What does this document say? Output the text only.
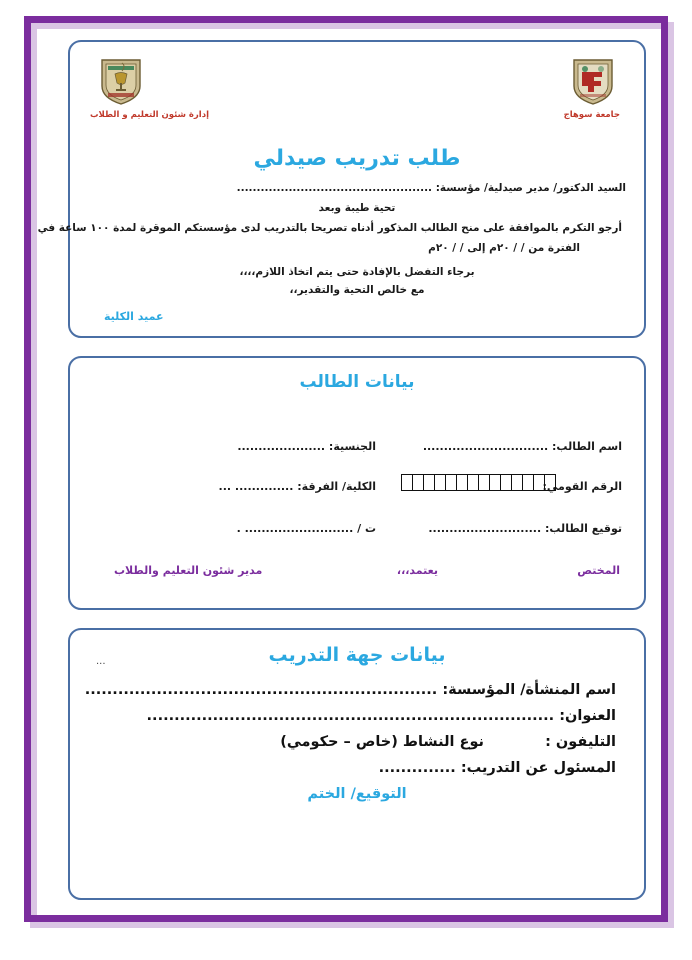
إدارة شئون التعليم و الطلاب	جامعة سوهاج
طلب تدريب صيدلي
السيد الدكتور/ مدير صيدلية/ مؤسسة: .................................................
تحية طيبة وبعد
أرجو التكرم بالموافقة على منح الطالب المذكور أدناه تصريحا بالتدريب لدى مؤسستكم الموقرة لمدة ١٠٠ ساعة في
الفترة من / / ٢٠م إلى / / ٢٠م
برجاء التفضل بالإفادة حتى يتم اتخاذ اللازم،،،،
مع خالص التحية والتقدير،،
عميد الكلية
بيانات الطالب
اسم الطالب: ..............................
الجنسية: .....................
الرقم القومي:
الكلية/ الفرقة: .............. ...
توقيع الطالب: ...........................
ت / .......................... .
المختص
يعتمد،،،
مدير شئون التعليم والطلاب
...	بيانات جهة التدريب
اسم المنشأة/ المؤسسة: ................................................................
العنوان: ..........................................................................
التليفون :
نوع النشاط (خاص – حكومي)
المسئول عن التدريب: ..............
التوقيع/ الختم
